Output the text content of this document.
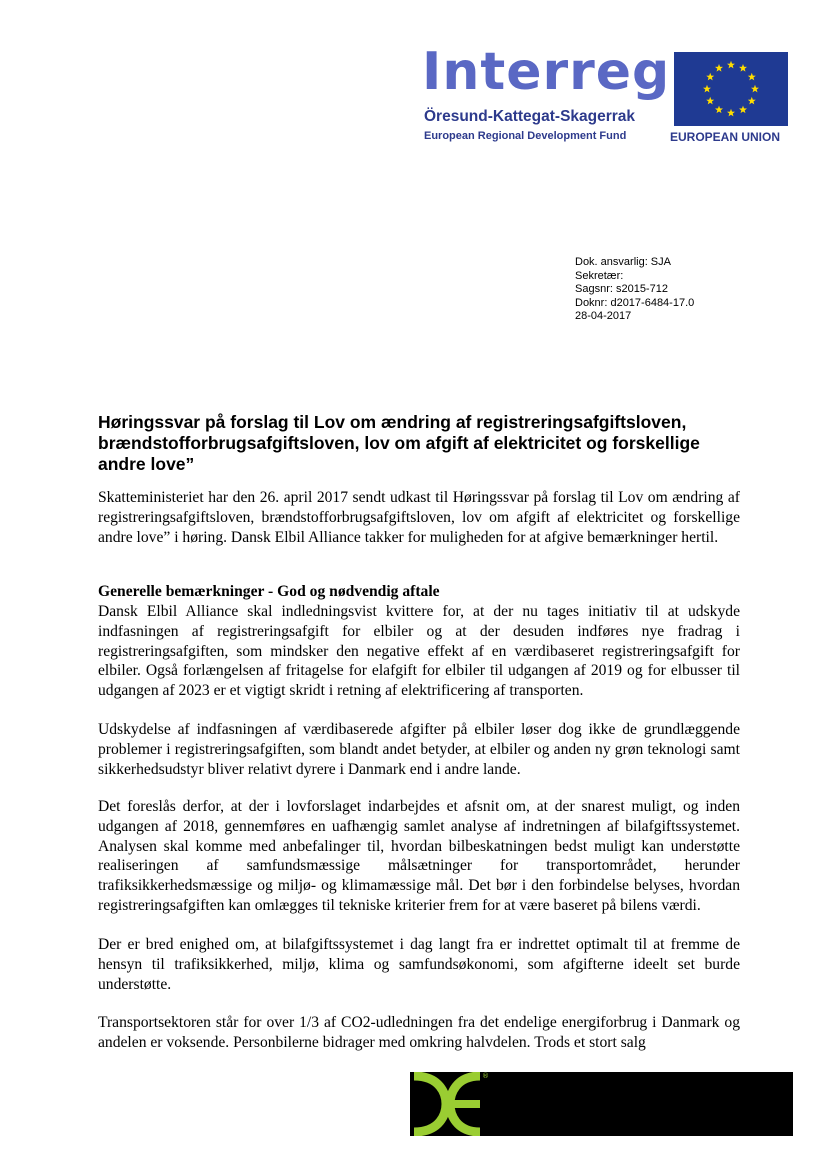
Interreg
Öresund-Kattegat-Skagerrak
European Regional Development Fund	EUROPEAN UNION
Dok. ansvarlig: SJA
Sekretær:
Sagsnr: s2015-712
Doknr: d2017-6484-17.0
28-04-2017
Høringssvar på forslag til Lov om ændring af registreringsafgiftsloven, brændstofforbrugsafgiftsloven, lov om afgift af elektricitet og forskellige andre love”

Skatteministeriet har den 26. april 2017 sendt udkast til Høringssvar på forslag til Lov om ændring af registreringsafgiftsloven, brændstofforbrugsafgiftsloven, lov om afgift af elektricitet og forskellige andre love” i høring. Dansk Elbil Alliance takker for muligheden for at afgive bemærkninger hertil.

Generelle bemærkninger - God og nødvendig aftale

Dansk Elbil Alliance skal indledningsvist kvittere for, at der nu tages initiativ til at udskyde indfasningen af registreringsafgift for elbiler og at der desuden indføres nye fradrag i registreringsafgiften, som mindsker den negative effekt af en værdibaseret registreringsafgift for elbiler. Også forlængelsen af fritagelse for elafgift for elbiler til udgangen af 2019 og for elbusser til udgangen af 2023 er et vigtigt skridt i retning af elektrificering af transporten.

Udskydelse af indfasningen af værdibaserede afgifter på elbiler løser dog ikke de grundlæggende problemer i registreringsafgiften, som blandt andet betyder, at elbiler og anden ny grøn teknologi samt sikkerhedsudstyr bliver relativt dyrere i Danmark end i andre lande.

Det foreslås derfor, at der i lovforslaget indarbejdes et afsnit om, at der snarest muligt, og inden udgangen af 2018, gennemføres en uafhængig samlet analyse af indretningen af bilafgiftssystemet. Analysen skal komme med anbefalinger til, hvordan bilbeskatningen bedst muligt kan understøtte realiseringen af samfundsmæssige målsætninger for transportområdet, herunder trafiksikkerhedsmæssige og miljø- og klimamæssige mål. Det bør i den forbindelse belyses, hvordan registreringsafgiften kan omlægges til tekniske kriterier frem for at være baseret på bilens værdi.

Der er bred enighed om, at bilafgiftssystemet i dag langt fra er indrettet optimalt til at fremme de hensyn til trafiksikkerhed, miljø, klima og samfundsøkonomi, som afgifterne ideelt set burde understøtte.

Transportsektoren står for over 1/3 af CO2-udledningen fra det endelige energiforbrug i Danmark og andelen er voksende. Personbilerne bidrager med omkring halvdelen. Trods et stort salg

®
